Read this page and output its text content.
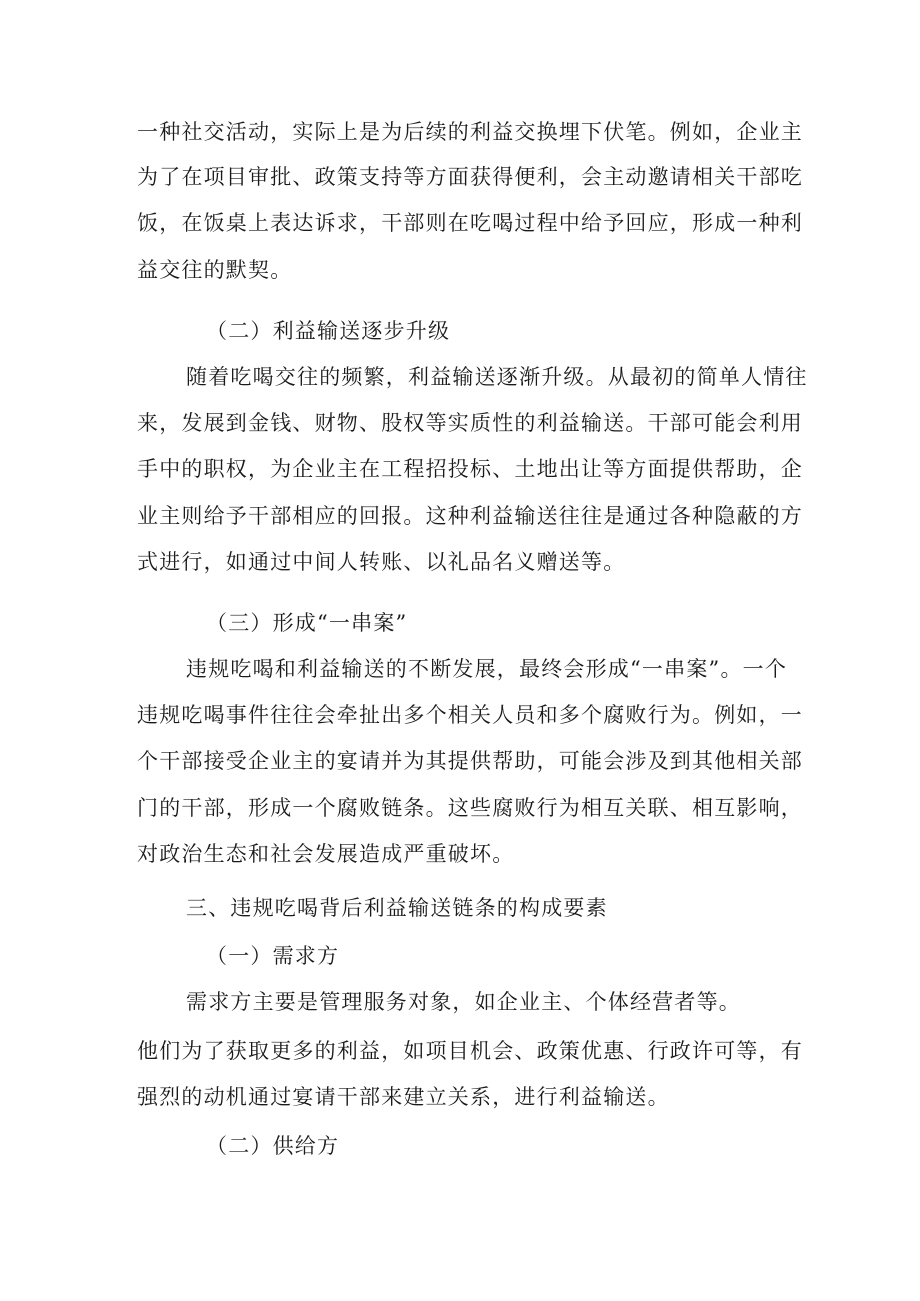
一种社交活动，实际上是为后续的利益交换埋下伏笔。例如，企业主
为了在项目审批、政策支持等方面获得便利，会主动邀请相关干部吃
饭，在饭桌上表达诉求，干部则在吃喝过程中给予回应，形成一种利
益交往的默契。
（二）利益输送逐步升级
随着吃喝交往的频繁，利益输送逐渐升级。从最初的简单人情往
来，发展到金钱、财物、股权等实质性的利益输送。干部可能会利用
手中的职权，为企业主在工程招投标、土地出让等方面提供帮助，企
业主则给予干部相应的回报。这种利益输送往往是通过各种隐蔽的方
式进行，如通过中间人转账、以礼品名义赠送等。
（三）形成“一串案”
违规吃喝和利益输送的不断发展，最终会形成“一串案”。一个
违规吃喝事件往往会牵扯出多个相关人员和多个腐败行为。例如，一
个干部接受企业主的宴请并为其提供帮助，可能会涉及到其他相关部
门的干部，形成一个腐败链条。这些腐败行为相互关联、相互影响，
对政治生态和社会发展造成严重破坏。
三、违规吃喝背后利益输送链条的构成要素
（一）需求方
需求方主要是管理服务对象，如企业主、个体经营者等。
他们为了获取更多的利益，如项目机会、政策优惠、行政许可等，有
强烈的动机通过宴请干部来建立关系，进行利益输送。
（二）供给方
